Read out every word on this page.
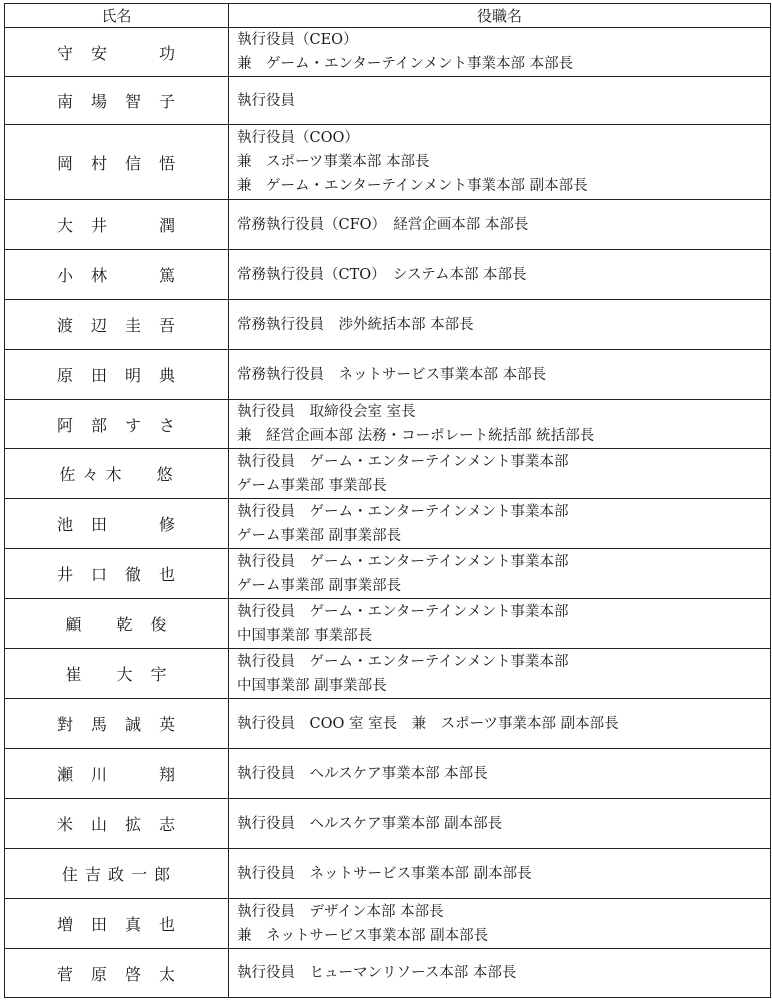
氏名	役職名
守　安　　　功	執行役員（CEO）
兼　ゲーム・エンターテインメント事業本部 本部長

南　場　智　子	執行役員

岡　村　信　悟	執行役員（COO）
兼　スポーツ事業本部 本部長
兼　ゲーム・エンターテインメント事業本部 副本部長

大　井　　　潤	常務執行役員（CFO）　経営企画本部 本部長

小　林　　　篤	常務執行役員（CTO）　システム本部 本部長

渡　辺　圭　吾	常務執行役員　渉外統括本部 本部長

原　田　明　典	常務執行役員　ネットサービス事業本部 本部長

阿　部　す　さ	執行役員　取締役会室 室長
兼　経営企画本部 法務・コーポレート統括部 統括部長

佐 々 木　　悠	執行役員　ゲーム・エンターテインメント事業本部
ゲーム事業部 事業部長

池　田　　　修	執行役員　ゲーム・エンターテインメント事業本部
ゲーム事業部 副事業部長

井　口　徹　也	執行役員　ゲーム・エンターテインメント事業本部
ゲーム事業部 副事業部長

顧　　乾　俊	執行役員　ゲーム・エンターテインメント事業本部
中国事業部 事業部長

崔　　大　宇	執行役員　ゲーム・エンターテインメント事業本部
中国事業部 副事業部長

對　馬　誠　英	執行役員　COO 室 室長　兼　スポーツ事業本部 副本部長

瀬　川　　　翔	執行役員　ヘルスケア事業本部 本部長

米　山　拡　志	執行役員　ヘルスケア事業本部 副本部長

住 吉 政 一 郎	執行役員　ネットサービス事業本部 副本部長

増　田　真　也	執行役員　デザイン本部 本部長
兼　ネットサービス事業本部 副本部長

菅　原　啓　太	執行役員　ヒューマンリソース本部 本部長
